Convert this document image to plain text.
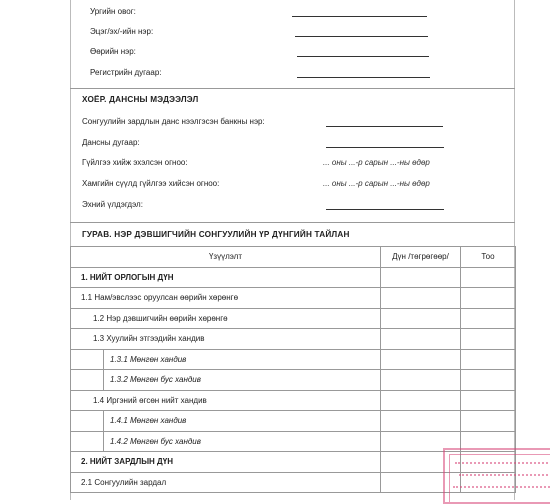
Ургийн овог:
Эцэг/эх/-ийн нэр:
Өөрийн нэр:
Регистрийн дугаар:
ХОЁР. ДАНСНЫ МЭДЭЭЛЭЛ
Сонгуулийн зардлын данс нээлгэсэн банкны нэр:
Дансны дугаар:
Гүйлгээ хийж эхэлсэн огноо:	... оны ...-р сарын ...-ны өдөр
Хамгийн сүүлд гүйлгээ хийсэн огноо:	... оны ...-р сарын ...-ны өдөр
Эхний үлдэгдэл:
ГУРАВ. НЭР ДЭВШИГЧИЙН СОНГУУЛИЙН ҮР ДҮНГИЙН ТАЙЛАН
Үзүүлэлт	Дүн /төгрөгөөр/	Тоо
1. НИЙТ ОРЛОГЫН ДҮН		
1.1 Нам/эвслээс оруулсан өөрийн хөрөнгө		
1.2 Нэр дэвшигчийн өөрийн хөрөнгө		
1.3 Хуулийн этгээдийн хандив		

1.3.1 Мөнгөн хандив		

1.3.2 Мөнгөн бус хандив		

1.4 Иргэний өгсөн нийт хандив		

1.4.1 Мөнгөн хандив		

1.4.2 Мөнгөн бус хандив		

2. НИЙТ ЗАРДЛЫН ДҮН		
2.1 Сонгуулийн зардал		
